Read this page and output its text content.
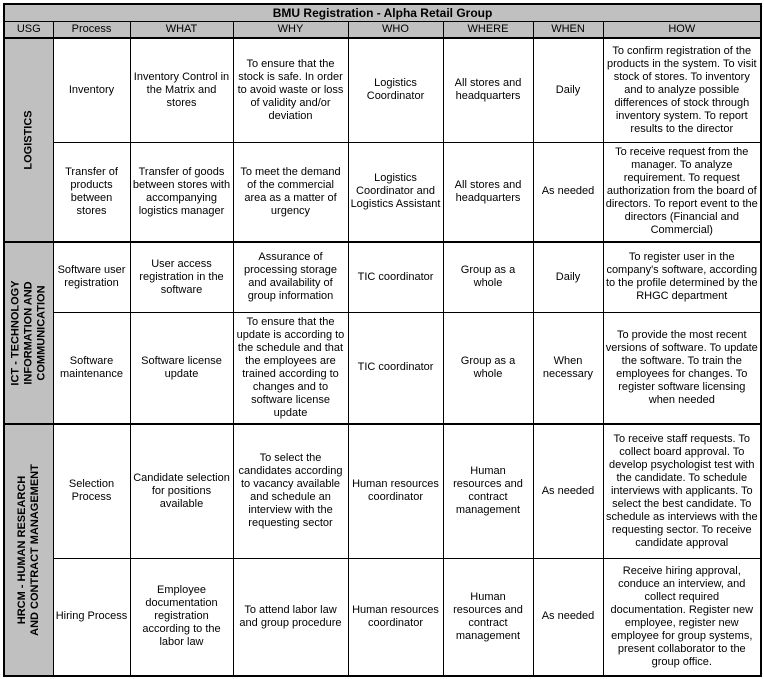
BMU Registration - Alpha Retail Group							
USG	Process	WHAT	WHY	WHO	WHERE	WHEN	HOW

LOGISTICS	Inventory	Inventory Control in the Matrix and stores	To ensure that the stock is safe. In order to avoid waste or loss of validity and/or deviation	Logistics Coordinator	All stores and headquarters	Daily	To confirm registration of the products in the system. To visit stock of stores. To inventory and to analyze possible differences of stock through inventory system. To report results to the director
	Transfer of products between stores	Transfer of goods between stores with accompanying logistics manager	To meet the demand of the commercial area as a matter of urgency	Logistics Coordinator and Logistics Assistant	All stores and headquarters	As needed	To receive request from the manager. To analyze requirement. To request authorization from the board of directors. To report event to the directors (Financial and Commercial)

ICT - TECHNOLOGY INFORMATION AND COMMUNICATION	Software user registration	User access registration in the software	Assurance of processing storage and availability of group information	TIC coordinator	Group as a whole	Daily	To register user in the company's software, according to the profile determined by the RHGC department
	Software maintenance	Software license update	To ensure that the update is according to the schedule and that the employees are trained according to changes and to software license update	TIC coordinator	Group as a whole	When necessary	To provide the most recent versions of software. To update the software. To train the employees for changes. To register software licensing when needed

HRCM - HUMAN RESEARCH AND CONTRACT MANAGEMENT	Selection Process	Candidate selection for positions available	To select the candidates according to vacancy available and schedule an interview with the requesting sector	Human resources coordinator	Human resources and contract management	As needed	To receive staff requests. To collect board approval. To develop psychologist test with the candidate. To schedule interviews with applicants. To select the best candidate. To schedule as interviews with the requesting sector. To receive candidate approval
	Hiring Process	Employee documentation registration according to the labor law	To attend labor law and group procedure	Human resources coordinator	Human resources and contract management	As needed	Receive hiring approval, conduce an interview, and collect required documentation. Register new employee, register new employee for group systems, present collaborator to the group office.
